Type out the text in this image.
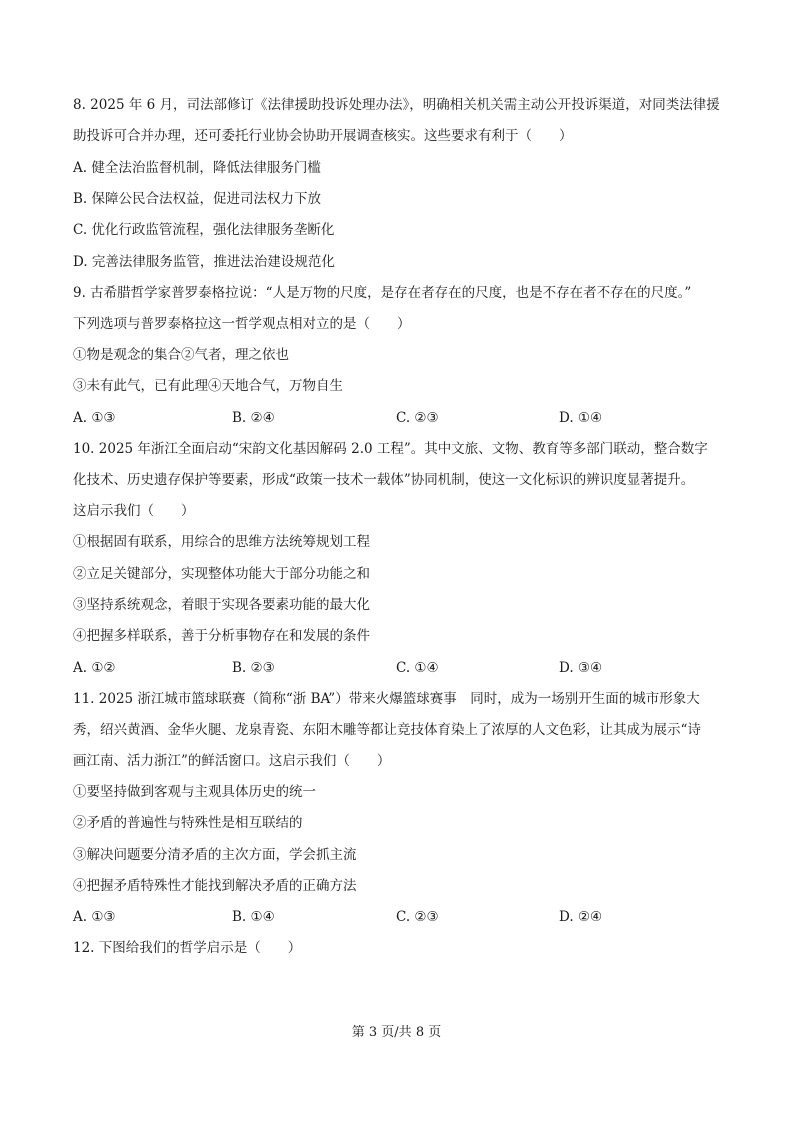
8. 2025 年 6 月，司法部修订《法律援助投诉处理办法》，明确相关机关需主动公开投诉渠道，对同类法律援
助投诉可合并办理，还可委托行业协会协助开展调查核实。这些要求有利于（　　）
A. 健全法治监督机制，降低法律服务门槛
B. 保障公民合法权益，促进司法权力下放
C. 优化行政监管流程，强化法律服务垄断化
D. 完善法律服务监管，推进法治建设规范化
9. 古希腊哲学家普罗泰格拉说：“人是万物的尺度，是存在者存在的尺度，也是不存在者不存在的尺度。”
下列选项与普罗泰格拉这一哲学观点相对立的是（　　）
①物是观念的集合②气者，理之依也
③未有此气，已有此理④天地合气，万物自生
A. ①③	B. ②④	C. ②③	D. ①④
10. 2025 年浙江全面启动“宋韵文化基因解码 2.0 工程”。其中文旅、文物、教育等多部门联动，整合数字
化技术、历史遗存保护等要素，形成“政策一技术一载体”协同机制，使这一文化标识的辨识度显著提升。
这启示我们（　　）
①根据固有联系，用综合的思维方法统筹规划工程
②立足关键部分，实现整体功能大于部分功能之和
③坚持系统观念，着眼于实现各要素功能的最大化
④把握多样联系，善于分析事物存在和发展的条件
A. ①②	B. ②③	C. ①④	D. ③④
11. 2025 浙江城市篮球联赛（简称“浙 BA”）带来火爆篮球赛事　同时，成为一场别开生面的城市形象大
秀，绍兴黄酒、金华火腿、龙泉青瓷、东阳木雕等都让竞技体育染上了浓厚的人文色彩，让其成为展示“诗
画江南、活力浙江”的鲜活窗口。这启示我们（　　）
①要坚持做到客观与主观具体历史的统一
②矛盾的普遍性与特殊性是相互联结的
③解决问题要分清矛盾的主次方面，学会抓主流
④把握矛盾特殊性才能找到解决矛盾的正确方法
A. ①③	B. ①④	C. ②③	D. ②④
12. 下图给我们的哲学启示是（　　）
第 3 页/共 8 页
